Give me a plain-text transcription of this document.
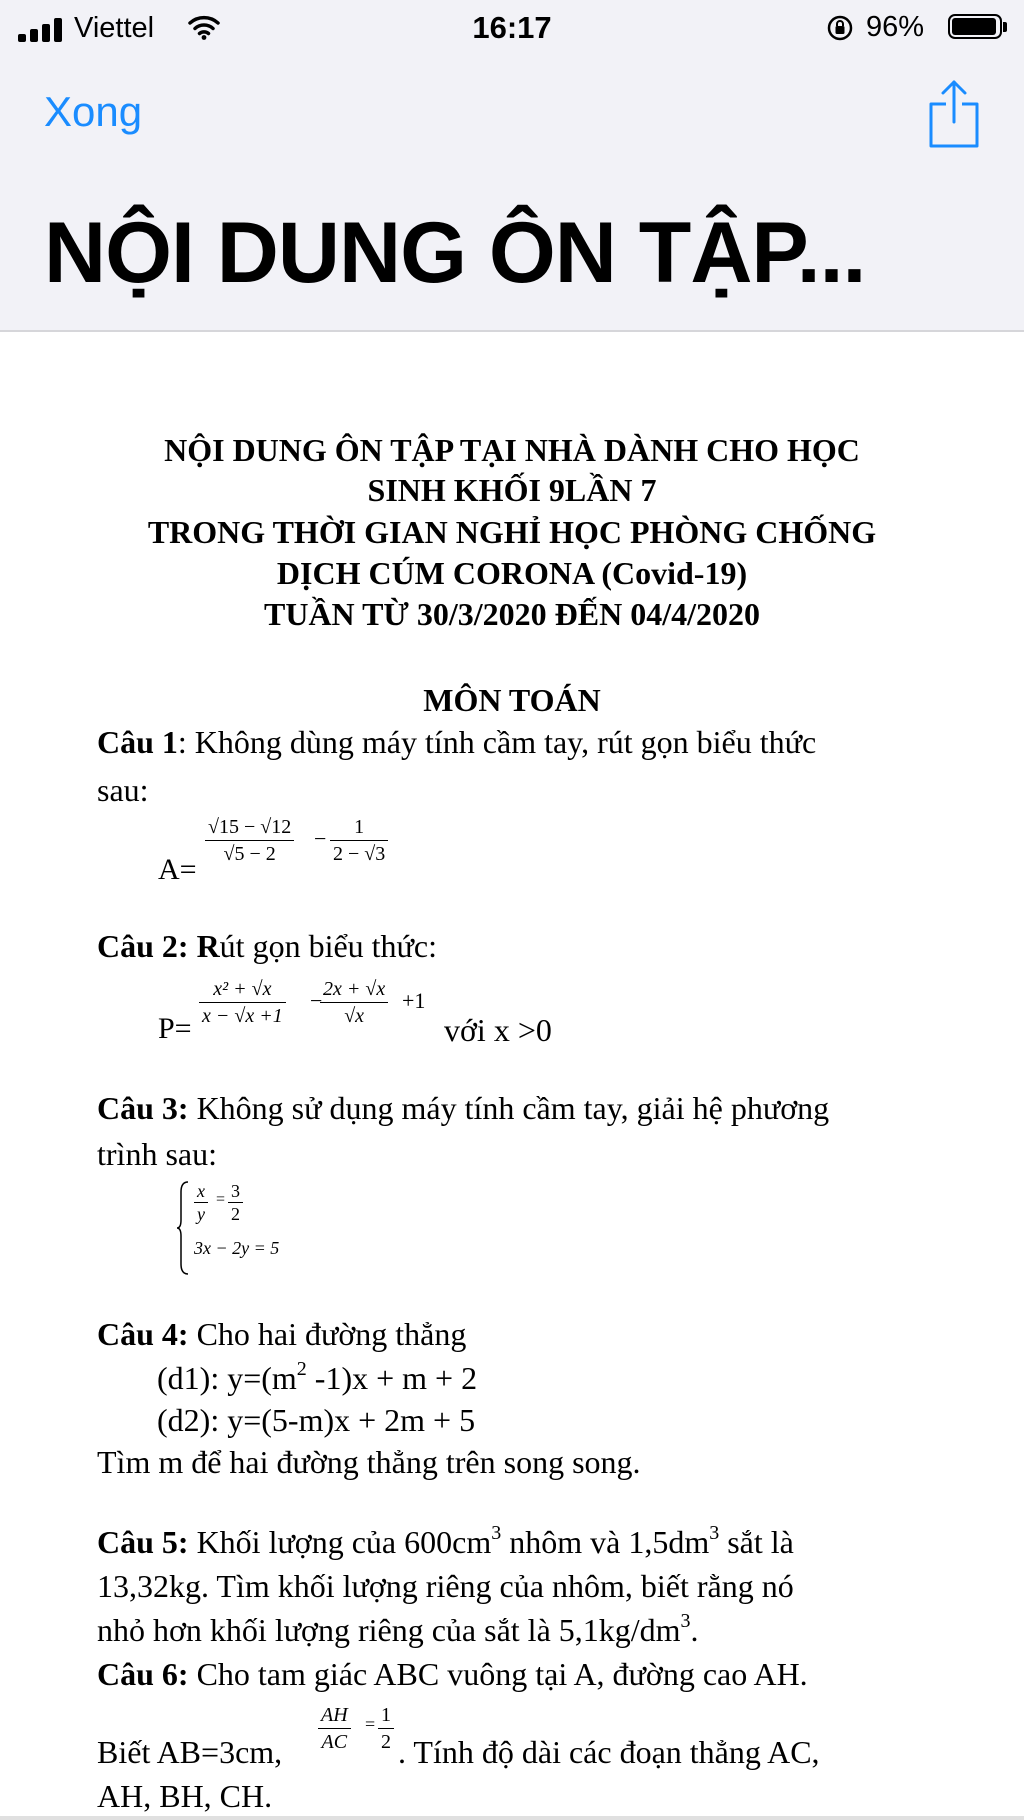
Viettel	16:17	96%
Xong
NỘI DUNG ÔN TẬP...
NỘI DUNG ÔN TẬP TẠI NHÀ DÀNH CHO HỌC
SINH KHỐI 9LẦN 7
TRONG THỜI GIAN NGHỈ HỌC PHÒNG CHỐNG
DỊCH CÚM CORONA (Covid-19)
TUẦN TỪ 30/3/2020 ĐẾN 04/4/2020
MÔN TOÁN
Câu 1: Không dùng máy tính cầm tay, rút gọn biểu thức
sau:
A=
$\frac{√15 - √12}{√5 - 2} - \frac{1}{2 - √3}$
Câu 2: Rút gọn biểu thức:
$P= \frac{\text{x² + √x}}{x - √x +1}$ −
$\frac{2x + √x}{√x} +1$
với x >0
Câu 3: Không sử dụng máy tính cầm tay, giải hệ phương
trình sau:
$\frac{x}{y} = \frac{3}{2}$
3x − 2y = 5
Câu 4: Cho hai đường thẳng
(d1): $y=(m^2$ -1)x + m + 2
(d2): y=(5-m)x + 2m + 5
Tìm m để hai đường thẳng trên song song.
Câu 5: Khối lượng của $600cm^3$ nhôm và $1,5dm^3$ sắt là
13,32kg. Tìm khối lượng riêng của nhôm, biết rằng nó
nhỏ hơn khối lượng riêng của sắt là $5,1kg/dm^3$.
Câu 6: Cho tam giác ABC vuông tại A, đường cao AH.
Biết AB=3cm, $\frac{AH}{AC} = \frac{1}{2}$ . Tính độ dài các đoạn thẳng AC,
AH, BH, CH.
